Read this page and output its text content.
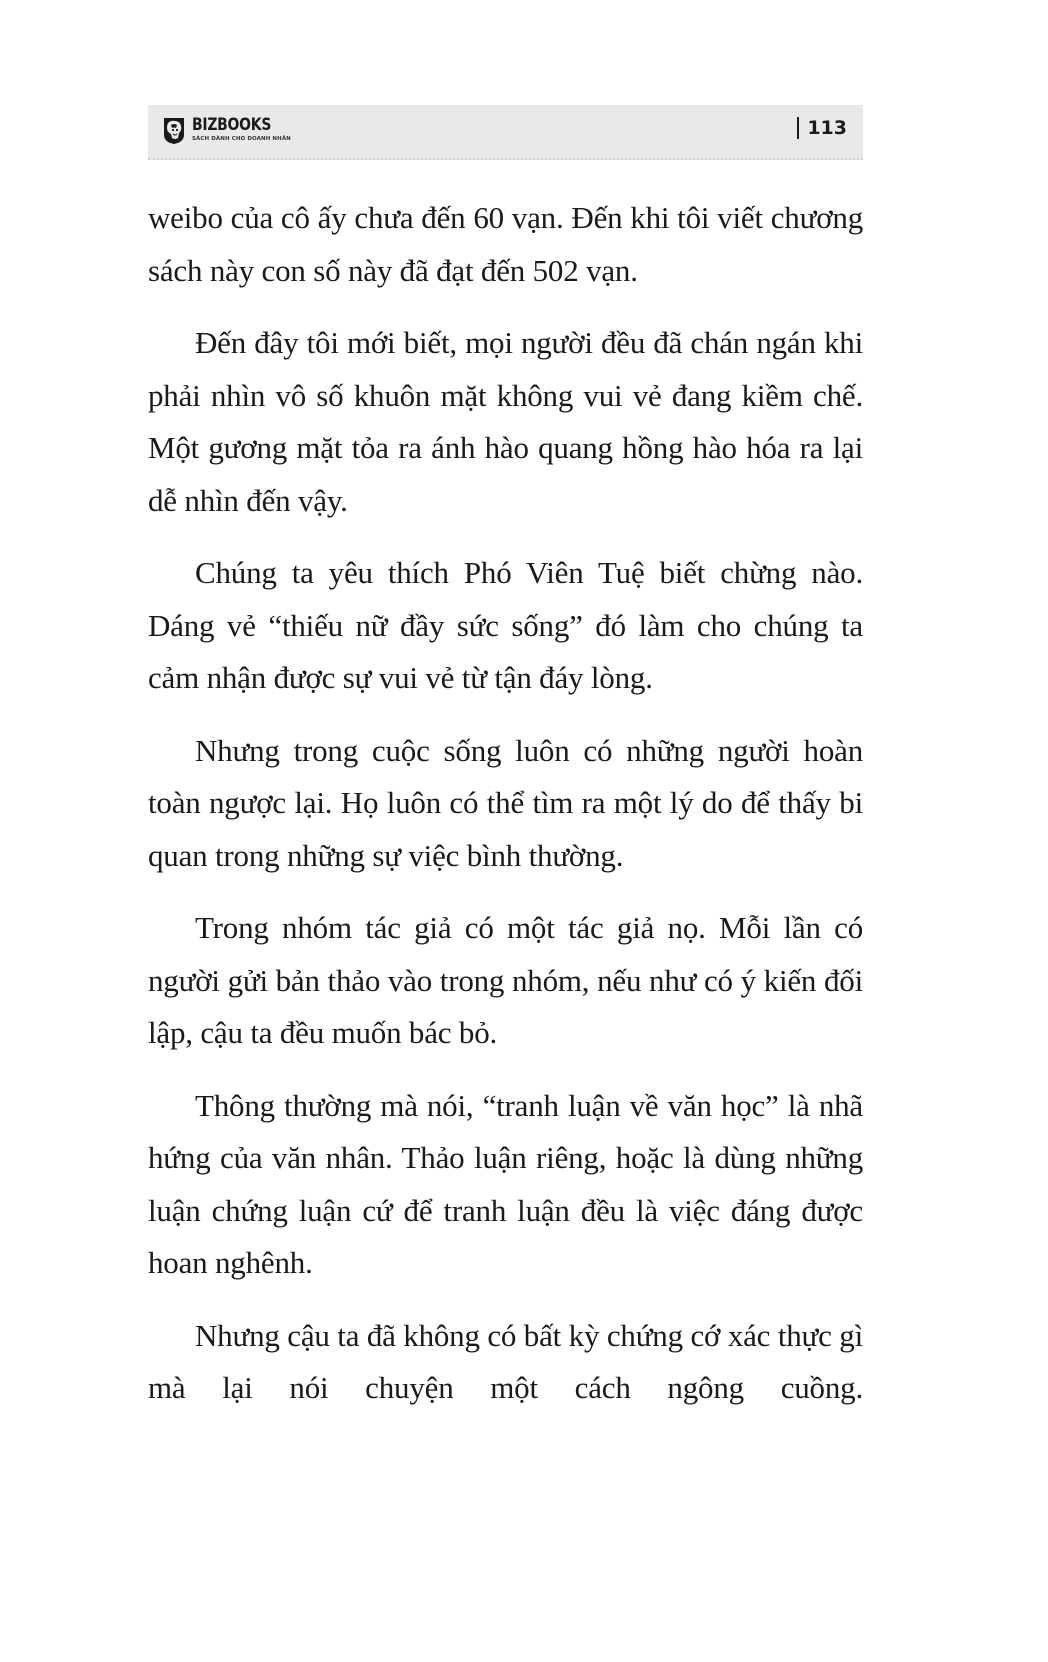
BIZBOOKS
SÁCH DÀNH CHO DOANH NHÂN
113

weibo của cô ấy chưa đến 60 vạn. Đến khi tôi viết chương sách này con số này đã đạt đến 502 vạn.

Đến đây tôi mới biết, mọi người đều đã chán ngán khi phải nhìn vô số khuôn mặt không vui vẻ đang kiềm chế. Một gương mặt tỏa ra ánh hào quang hồng hào hóa ra lại dễ nhìn đến vậy.

Chúng ta yêu thích Phó Viên Tuệ biết chừng nào. Dáng vẻ “thiếu nữ đầy sức sống” đó làm cho chúng ta cảm nhận được sự vui vẻ từ tận đáy lòng.

Nhưng trong cuộc sống luôn có những người hoàn toàn ngược lại. Họ luôn có thể tìm ra một lý do để thấy bi quan trong những sự việc bình thường.

Trong nhóm tác giả có một tác giả nọ. Mỗi lần có người gửi bản thảo vào trong nhóm, nếu như có ý kiến đối lập, cậu ta đều muốn bác bỏ.

Thông thường mà nói, “tranh luận về văn học” là nhã hứng của văn nhân. Thảo luận riêng, hoặc là dùng những luận chứng luận cứ để tranh luận đều là việc đáng được hoan nghênh.

Nhưng cậu ta đã không có bất kỳ chứng cớ xác thực gì mà lại nói chuyện một cách ngông cuồng.
